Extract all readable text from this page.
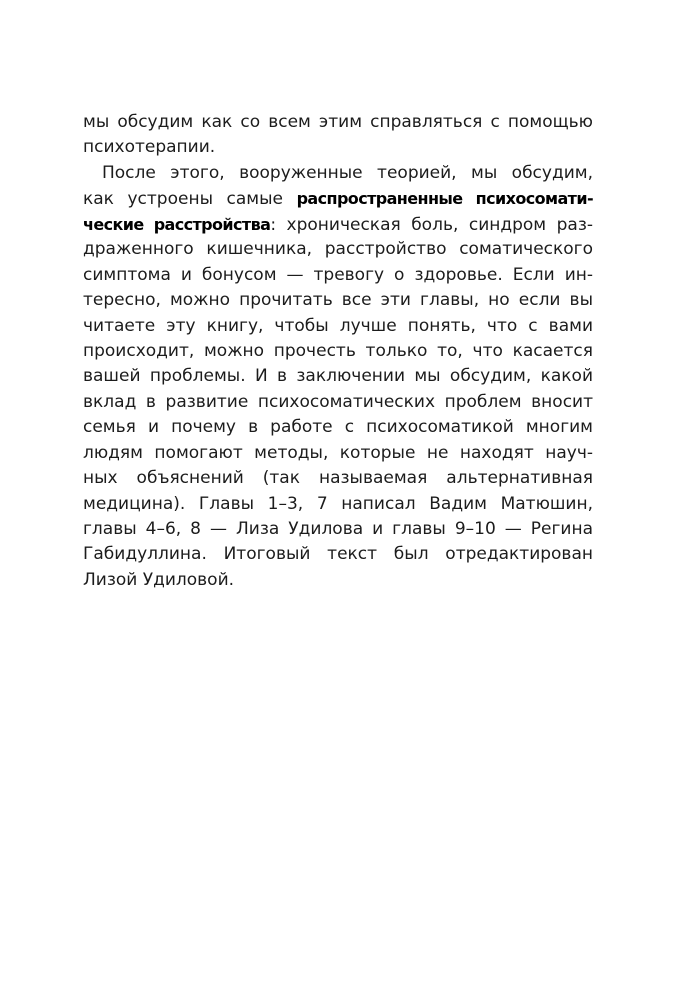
мы обсудим как со всем этим справляться с помощью
психотерапии.
После этого, вооруженные теорией, мы обсудим,
как устроены самые распространенные психосомати-
ческие расстройства: хроническая боль, синдром раз-
драженного кишечника, расстройство соматического
симптома и бонусом — тревогу о здоровье. Если ин-
тересно, можно прочитать все эти главы, но если вы
читаете эту книгу, чтобы лучше понять, что с вами
происходит, можно прочесть только то, что касается
вашей проблемы. И в заключении мы обсудим, какой
вклад в развитие психосоматических проблем вносит
семья и почему в работе с психосоматикой многим
людям помогают методы, которые не находят науч-
ных объяснений (так называемая альтернативная
медицина). Главы 1–3, 7 написал Вадим Матюшин,
главы 4–6, 8 — Лиза Удилова и главы 9–10 — Регина
Габидуллина. Итоговый текст был отредактирован
Лизой Удиловой.
